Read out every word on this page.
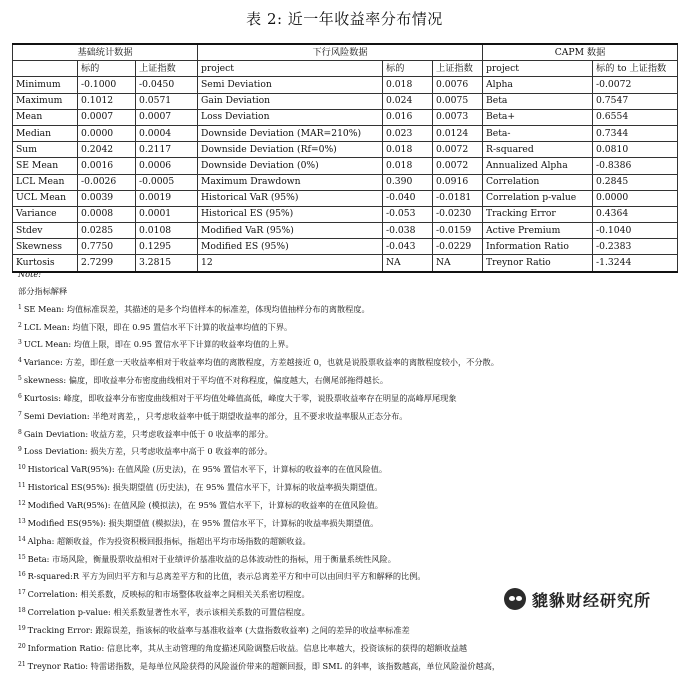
表 2: 近一年收益率分布情况
基础统计数据			下行风险数据			CAPM 数据	
	标的	上证指数	project	标的	上证指数	project	标的 to 上证指数
Minimum	-0.1000	-0.0450	Semi Deviation	0.018	0.0076	Alpha	-0.0072
Maximum	0.1012	0.0571	Gain Deviation	0.024	0.0075	Beta	0.7547
Mean	0.0007	0.0007	Loss Deviation	0.016	0.0073	Beta+	0.6554
Median	0.0000	0.0004	Downside Deviation (MAR=210%)	0.023	0.0124	Beta-	0.7344
Sum	0.2042	0.2117	Downside Deviation (Rf=0%)	0.018	0.0072	R-squared	0.0810
SE Mean	0.0016	0.0006	Downside Deviation (0%)	0.018	0.0072	Annualized Alpha	-0.8386
LCL Mean	-0.0026	-0.0005	Maximum Drawdown	0.390	0.0916	Correlation	0.2845
UCL Mean	0.0039	0.0019	Historical VaR (95%)	-0.040	-0.0181	Correlation p-value	0.0000
Variance	0.0008	0.0001	Historical ES (95%)	-0.053	-0.0230	Tracking Error	0.4364
Stdev	0.0285	0.0108	Modified VaR (95%)	-0.038	-0.0159	Active Premium	-0.1040
Skewness	0.7750	0.1295	Modified ES (95%)	-0.043	-0.0229	Information Ratio	-0.2383
Kurtosis	2.7299	3.2815	12	NA	NA	Treynor Ratio	-1.3244
Note:
部分指标解释
$^1$ SE Mean: 均值标准误差，其描述的是多个均值样本的标准差，体现均值抽样分布的离散程度。
$^2$ LCL Mean: 均值下限，即在 0.95 置信水平下计算的收益率均值的下界。
$^3$ UCL Mean: 均值上限，即在 0.95 置信水平下计算的收益率均值的上界。
$^4$ Variance: 方差，即任意一天收益率相对于收益率均值的离散程度，方差越接近 0，也就是说股票收益率的离散程度较小，不分散。
$^5$ skewness: 偏度，即收益率分布密度曲线相对于平均值不对称程度，偏度越大，右侧尾部拖得越长。
$^6$ Kurtosis: 峰度，即收益率分布密度曲线相对于平均值处峰值高低，峰度大于零，说股票收益率存在明显的高峰厚尾现象
$^7$ Semi Deviation: 半绝对离差，，只考虑收益率中低于期望收益率的部分，且不要求收益率服从正态分布。
$^8$ Gain Deviation: 收益方差，只考虑收益率中低于 0 收益率的部分。
$^9$ Loss Deviation: 损失方差，只考虑收益率中高于 0 收益率的部分。
$^{10}$ Historical VaR(95%): 在值风险 (历史法)，在 95% 置信水平下，计算标的收益率的在值风险值。
$^{11}$ Historical ES(95%): 损失期望值 (历史法)，在 95% 置信水平下，计算标的收益率损失期望值。
$^{12}$ Modified VaR(95%): 在值风险 (模拟法)，在 95% 置信水平下，计算标的收益率的在值风险值。
$^{13}$ Modified ES(95%): 损失期望值 (模拟法)，在 95% 置信水平下，计算标的收益率损失期望值。
$^{14}$ Alpha: 超额收益，作为投资积极回报指标，指超出平均市场指数的超额收益。
$^{15}$ Beta: 市场风险，衡量股票收益相对于业绩评价基准收益的总体波动性的指标，用于衡量系统性风险。
$^{16}$ R-squared:R 平方为回归平方和与总离差平方和的比值，表示总离差平方和中可以由回归平方和解释的比例。
$^{17}$ Correlation: 相关系数，反映标的和市场整体收益率之间相关关系密切程度。
$^{18}$ Correlation p-value: 相关系数显著性水平，表示该相关系数的可置信程度。
$^{19}$ Tracking Error: 跟踪误差，指该标的收益率与基准收益率 (大盘指数收益率) 之间的差异的收益率标准差
$^{20}$ Information Ratio: 信息比率，其从主动管理的角度描述风险调整后收益。信息比率越大，投资该标的获得的超额收益越
$^{21}$ Treynor Ratio: 特雷诺指数，是每单位风险获得的风险溢价带来的超额回报，即 SML 的斜率，该指数越高，单位风险溢价越高，
貔貅财经研究所
